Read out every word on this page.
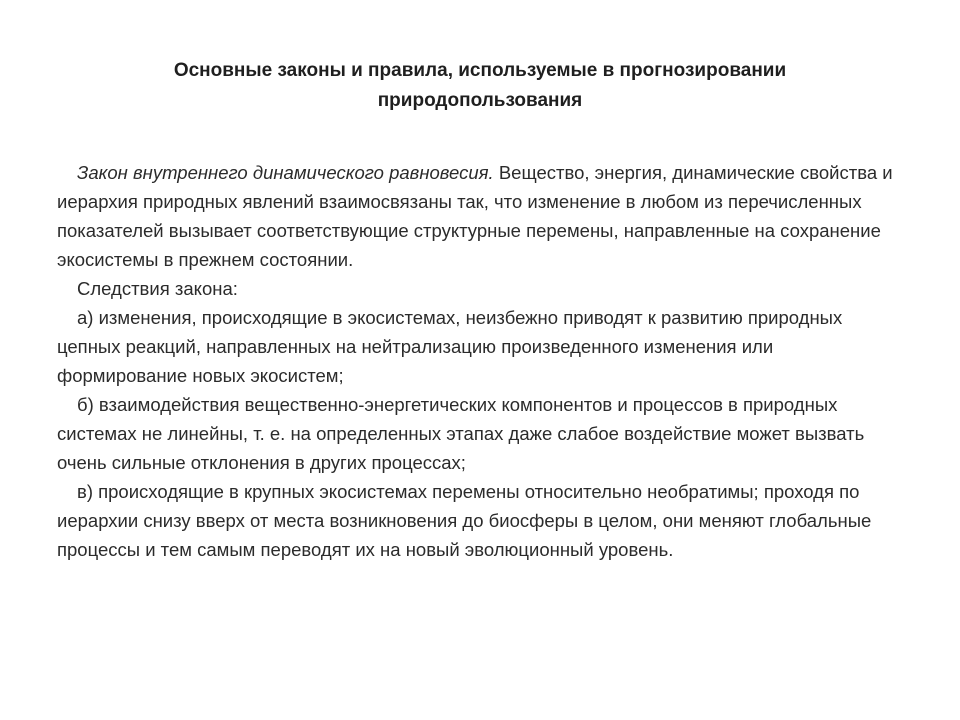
Основные законы и правила, используемые в прогнозировании
природопользования

Закон внутреннего динамического равновесия. Вещество, энергия, динамические свойства и иерархия природных явлений взаимосвязаны так, что изменение в любом из перечисленных показателей вызывает соответствующие структурные перемены, направленные на сохранение экосистемы в прежнем состоянии.

Следствия закона:

а) изменения, происходящие в экосистемах, неизбежно приводят к развитию природных цепных реакций, направленных на нейтрализацию произведенного изменения или формирование новых экосистем;

б) взаимодействия вещественно-энергетических компонентов и процессов в природных системах не линейны, т. е. на определенных этапах даже слабое воздействие может вызвать очень сильные отклонения в других процессах;

в) происходящие в крупных экосистемах перемены относительно необратимы; проходя по иерархии снизу вверх от места возникновения до биосферы в целом, они меняют глобальные процессы и тем самым переводят их на новый эволюционный уровень.
